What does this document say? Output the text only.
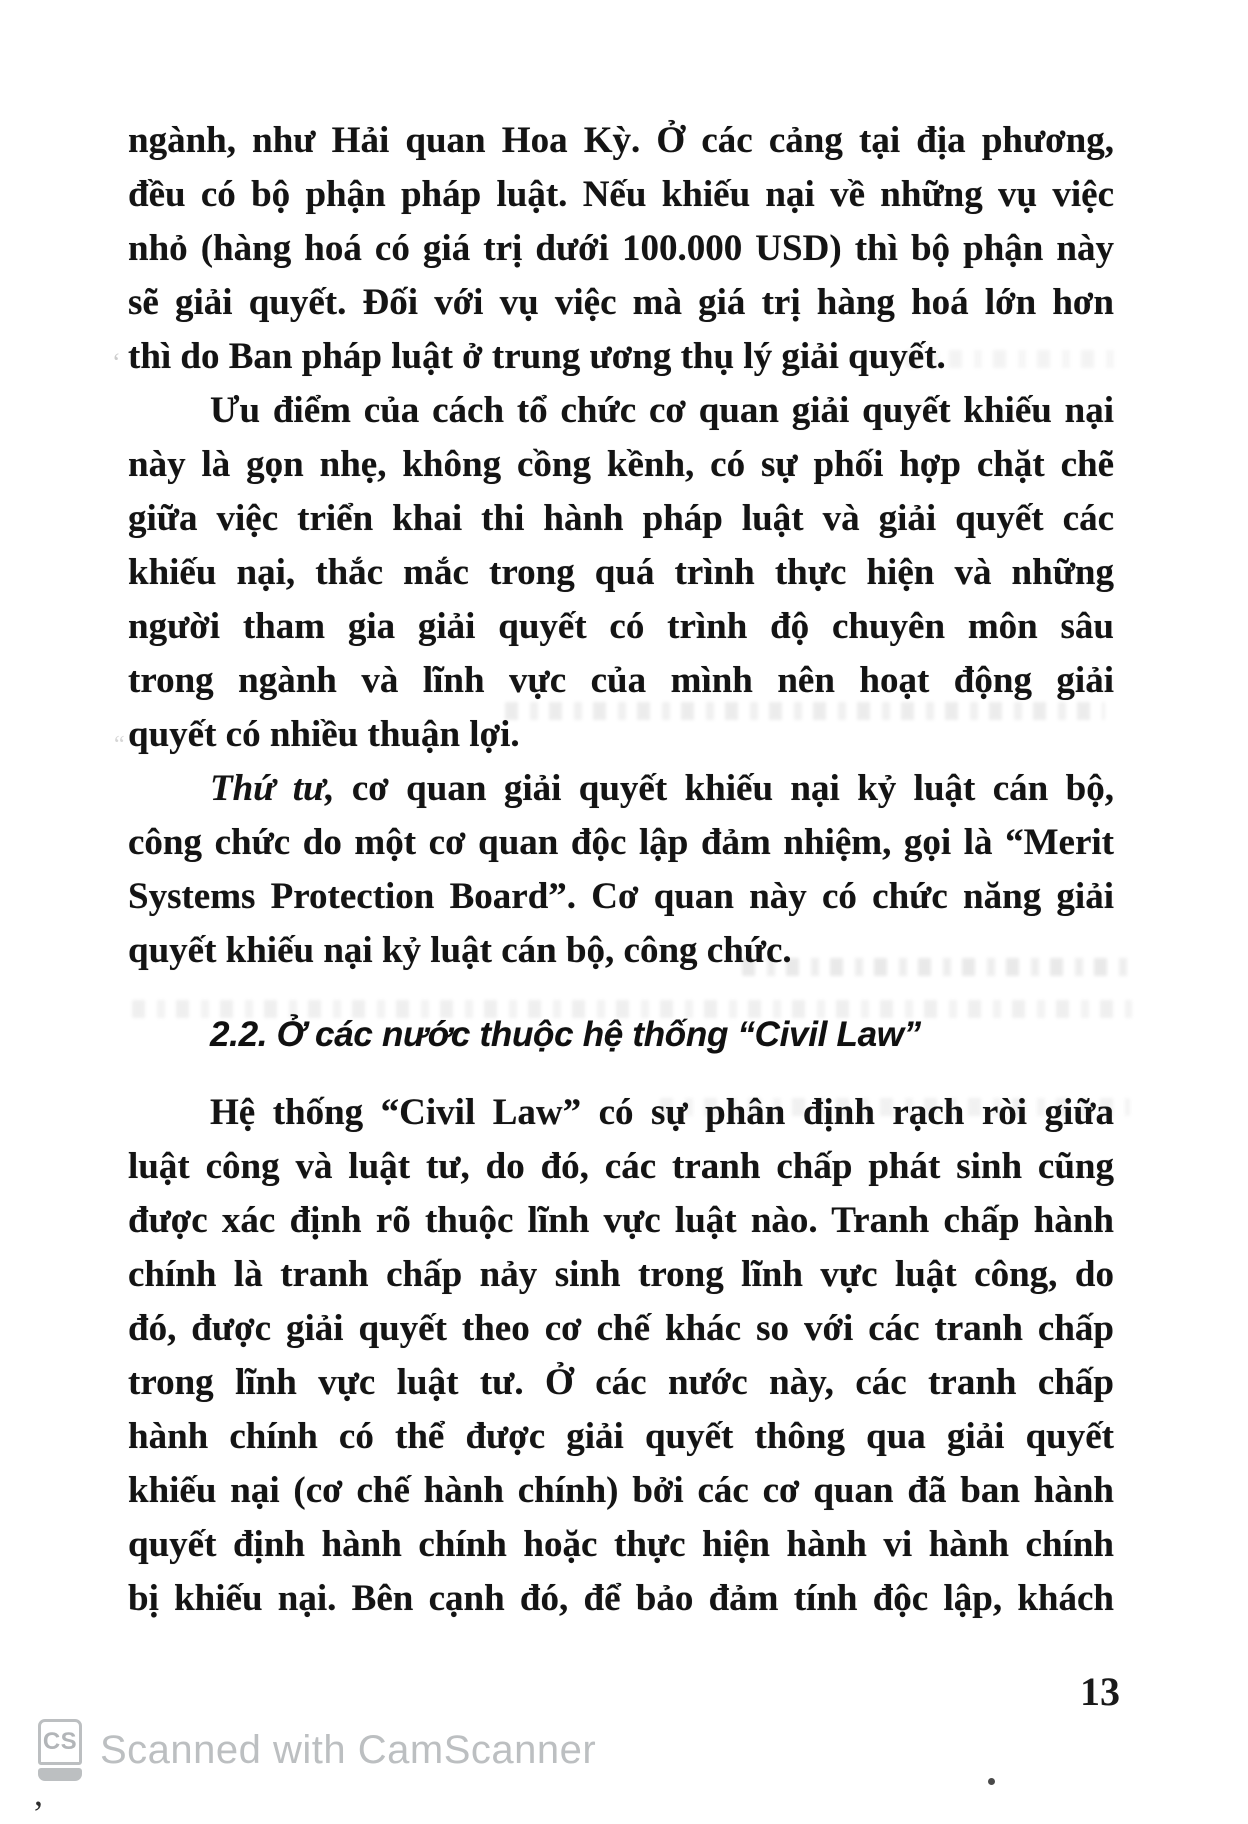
‘
“
ngành, như Hải quan Hoa Kỳ. Ở các cảng tại địa phương,
đều có bộ phận pháp luật. Nếu khiếu nại về những vụ việc
nhỏ (hàng hoá có giá trị dưới 100.000 USD) thì bộ phận này
sẽ giải quyết. Đối với vụ việc mà giá trị hàng hoá lớn hơn
thì do Ban pháp luật ở trung ương thụ lý giải quyết.
Ưu điểm của cách tổ chức cơ quan giải quyết khiếu nại
này là gọn nhẹ, không cồng kềnh, có sự phối hợp chặt chẽ
giữa việc triển khai thi hành pháp luật và giải quyết các
khiếu nại, thắc mắc trong quá trình thực hiện và những
người tham gia giải quyết có trình độ chuyên môn sâu
trong ngành và lĩnh vực của mình nên hoạt động giải
quyết có nhiều thuận lợi.
Thứ tư, cơ quan giải quyết khiếu nại kỷ luật cán bộ,
công chức do một cơ quan độc lập đảm nhiệm, gọi là “Merit
Systems Protection Board”. Cơ quan này có chức năng giải
quyết khiếu nại kỷ luật cán bộ, công chức.
2.2. Ở các nước thuộc hệ thống “Civil Law”
Hệ thống “Civil Law” có sự phân định rạch ròi giữa
luật công và luật tư, do đó, các tranh chấp phát sinh cũng
được xác định rõ thuộc lĩnh vực luật nào. Tranh chấp hành
chính là tranh chấp nảy sinh trong lĩnh vực luật công, do
đó, được giải quyết theo cơ chế khác so với các tranh chấp
trong lĩnh vực luật tư. Ở các nước này, các tranh chấp
hành chính có thể được giải quyết thông qua giải quyết
khiếu nại (cơ chế hành chính) bởi các cơ quan đã ban hành
quyết định hành chính hoặc thực hiện hành vi hành chính
bị khiếu nại. Bên cạnh đó, để bảo đảm tính độc lập, khách
13
CS Scanned with CamScanner
,
